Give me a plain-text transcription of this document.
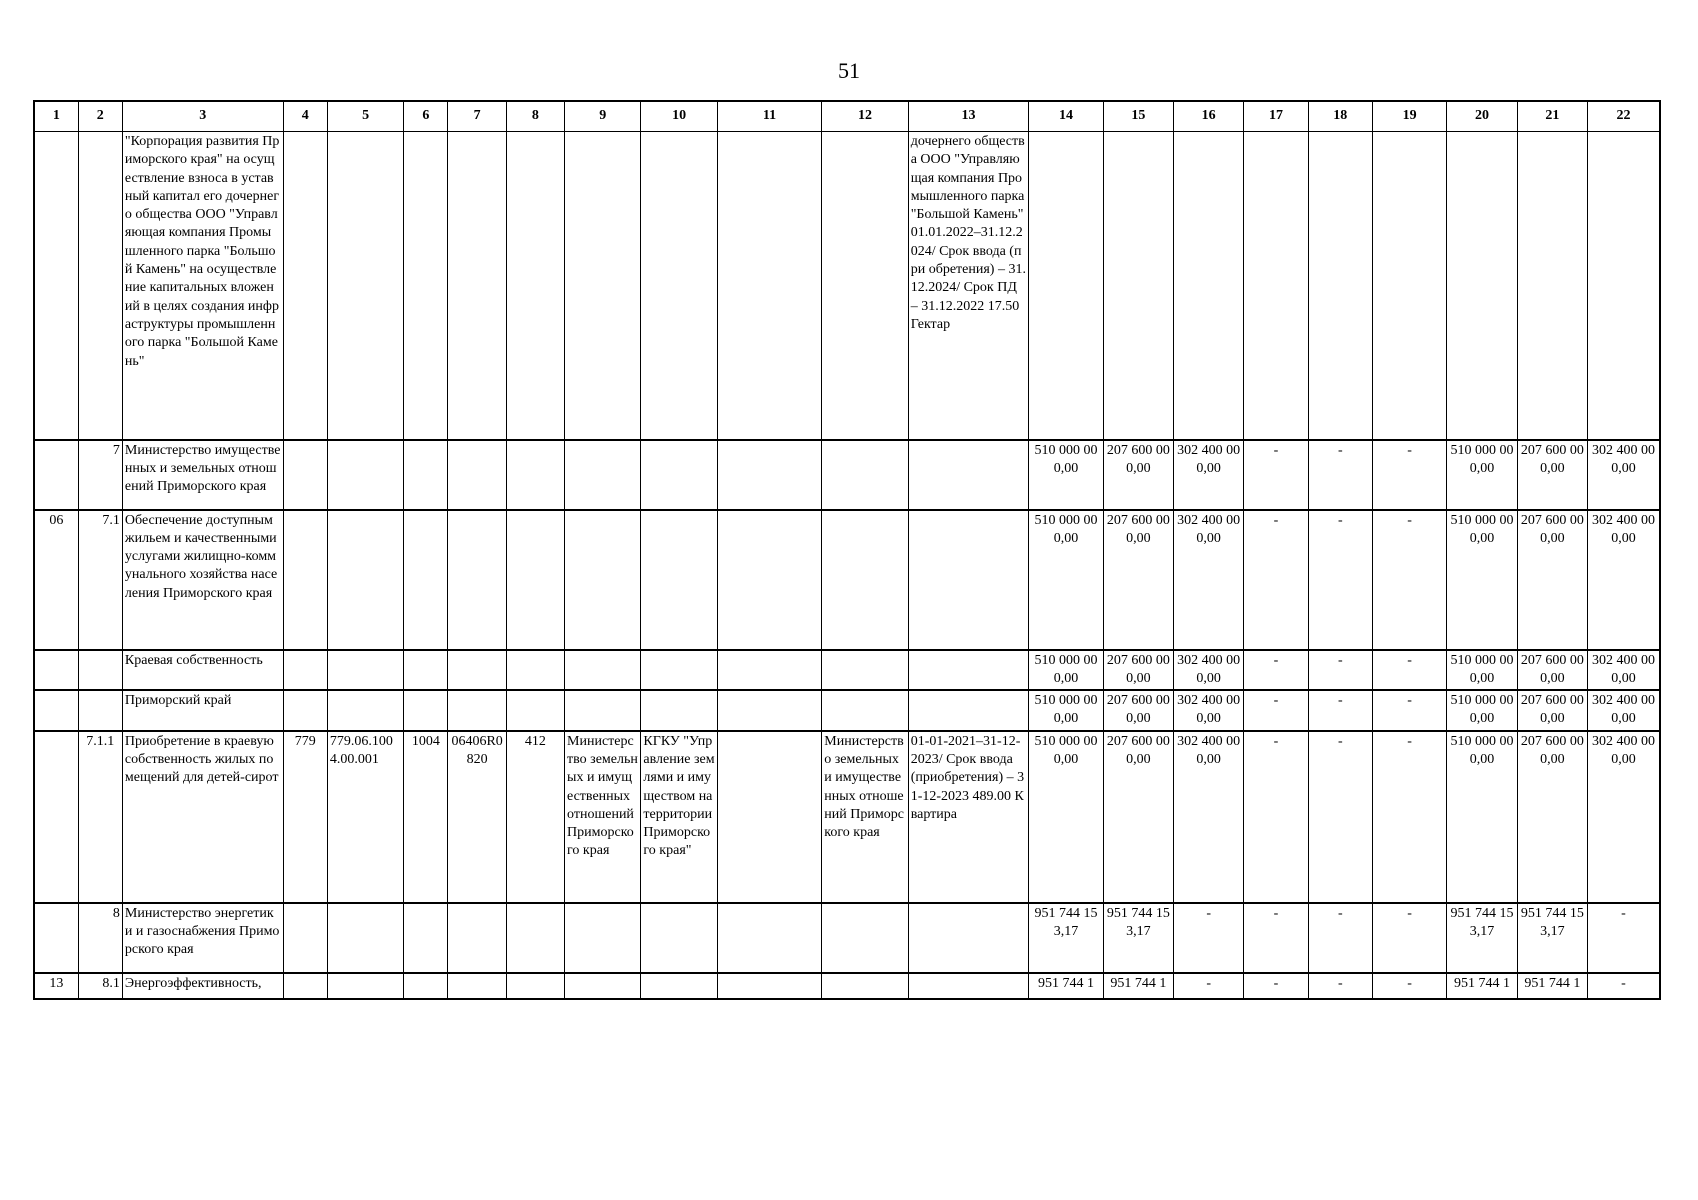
51
1	2	3	4	5	6	7	8	9	10	11	12	13	14	15	16	17	18	19	20	21	22
		"Корпорация развития Приморского края" на осуществление взноса в уставный капитал его дочернего общества ООО "Управляющая компания Промышленного парка "Большой Камень" на осуществление капитальных вложений в целях создания инфраструктуры промышленного парка "Большой Камень"										дочернего общества ООО "Управляющая компания Промышленного парка "Большой Камень" 01.01.2022–31.12.2024/ Срок ввода (при обретения) – 31.12.2024/ Срок ПД – 31.12.2022 17.50 Гектар									
	7	Министерство имущественных и земельных отношений Приморского края											510 000 000,00	207 600 000,00	302 400 000,00	-	-	-	510 000 000,00	207 600 000,00	302 400 000,00
06	7.1	Обеспечение доступным жильем и качественными услугами жилищно-коммунального хозяйства населения Приморского края											510 000 000,00	207 600 000,00	302 400 000,00	-	-	-	510 000 000,00	207 600 000,00	302 400 000,00
		Краевая собственность											510 000 000,00	207 600 000,00	302 400 000,00	-	-	-	510 000 000,00	207 600 000,00	302 400 000,00
		Приморский край											510 000 000,00	207 600 000,00	302 400 000,00	-	-	-	510 000 000,00	207 600 000,00	302 400 000,00
	7.1.1	Приобретение в краевую собственность жилых помещений для детей-сирот	779	779.06.1004.00.001	1004	06406R0820	412	Министерство земельных и имущественных отношений Приморского края	КГКУ "Управление землями и имуществом на территории Приморского края"		Министерство земельных и имущественных отношений Приморского края	01-01-2021–31-12-2023/ Срок ввода (приобретения) – 31-12-2023 489.00 Квартира	510 000 000,00	207 600 000,00	302 400 000,00	-	-	-	510 000 000,00	207 600 000,00	302 400 000,00
	8	Министерство энергетики и газоснабжения Приморского края											951 744 153,17	951 744 153,17	-	-	-	-	951 744 153,17	951 744 153,17	-
13	8.1	Энергоэффективность,											951 744 1	951 744 1	-	-	-	-	951 744 1	951 744 1	-
